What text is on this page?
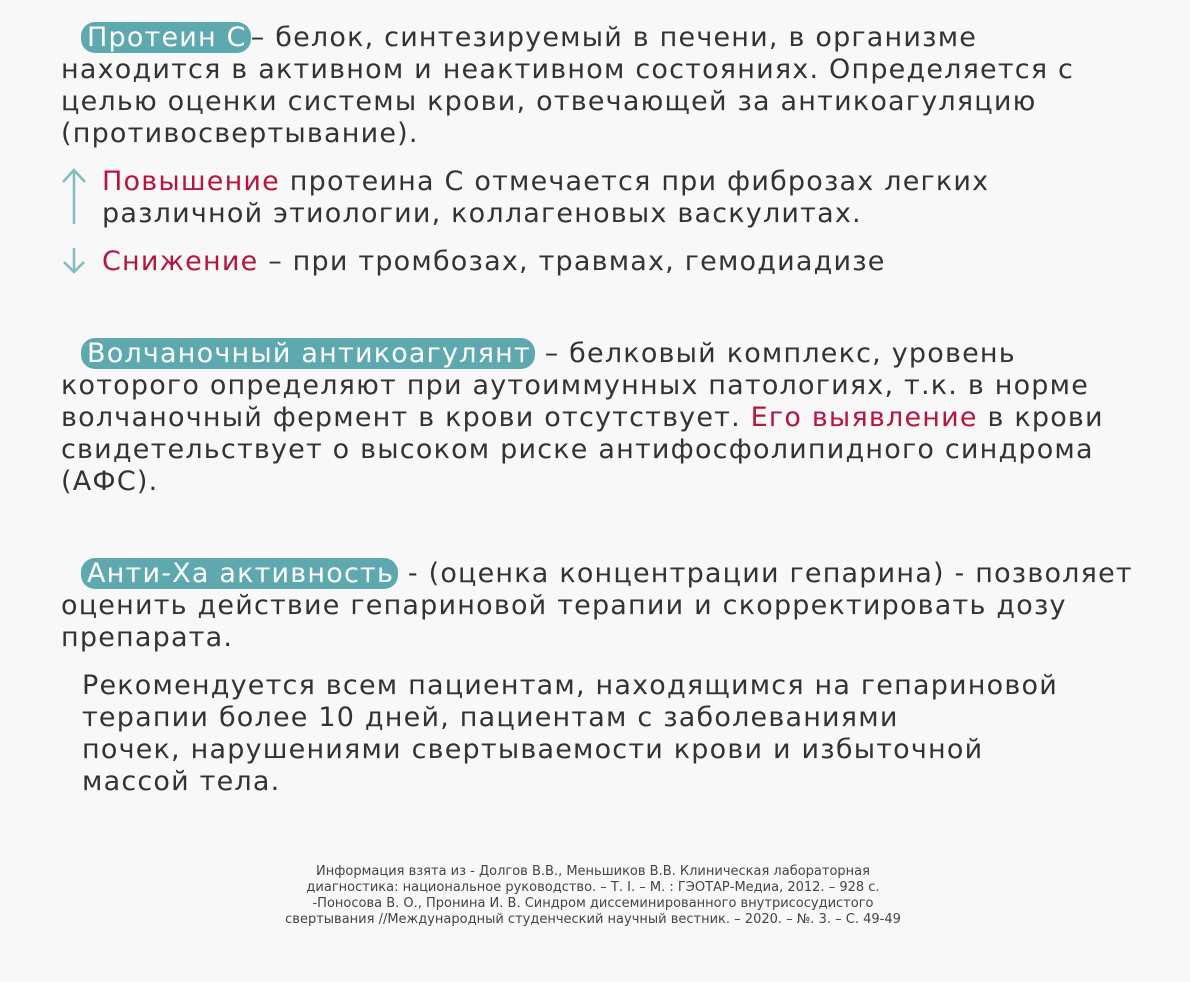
Протеин С – белок, синтезируемый в печени, в организме находится в активном и неактивном состояниях. Определяется с целью оценки системы крови, отвечающей за антикоагуляцию (противосвертывание).
Повышение протеина С отмечается при фиброзах легких различной этиологии, коллагеновых васкулитах.
Снижение – при тромбозах, травмах, гемодиадизе
Волчаночный антикоагулянт – белковый комплекс, уровень которого определяют при аутоиммунных патологиях, т.к. в норме волчаночный фермент в крови отсутствует. Его выявление в крови свидетельствует о высоком риске антифосфолипидного синдрома (АФС).
Анти-Ха активность - (оценка концентрации гепарина) - позволяет оценить действие гепариновой терапии и скорректировать дозу препарата.
Рекомендуется всем пациентам, находящимся на гепариновой
терапии более 10 дней, пациентам с заболеваниями
почек, нарушениями свертываемости крови и избыточной
массой тела.
Информация взята из - Долгов В.В., Меньшиков В.В. Клиническая лабораторная
диагностика: национальное руководство. – Т. I. – М. : ГЭОТАР-Медиа, 2012. – 928 с.
-Поносова В. О., Пронина И. В. Синдром диссеминированного внутрисосудистого
свертывания //Международный студенческий научный вестник. – 2020. – №. 3. – С. 49-49
